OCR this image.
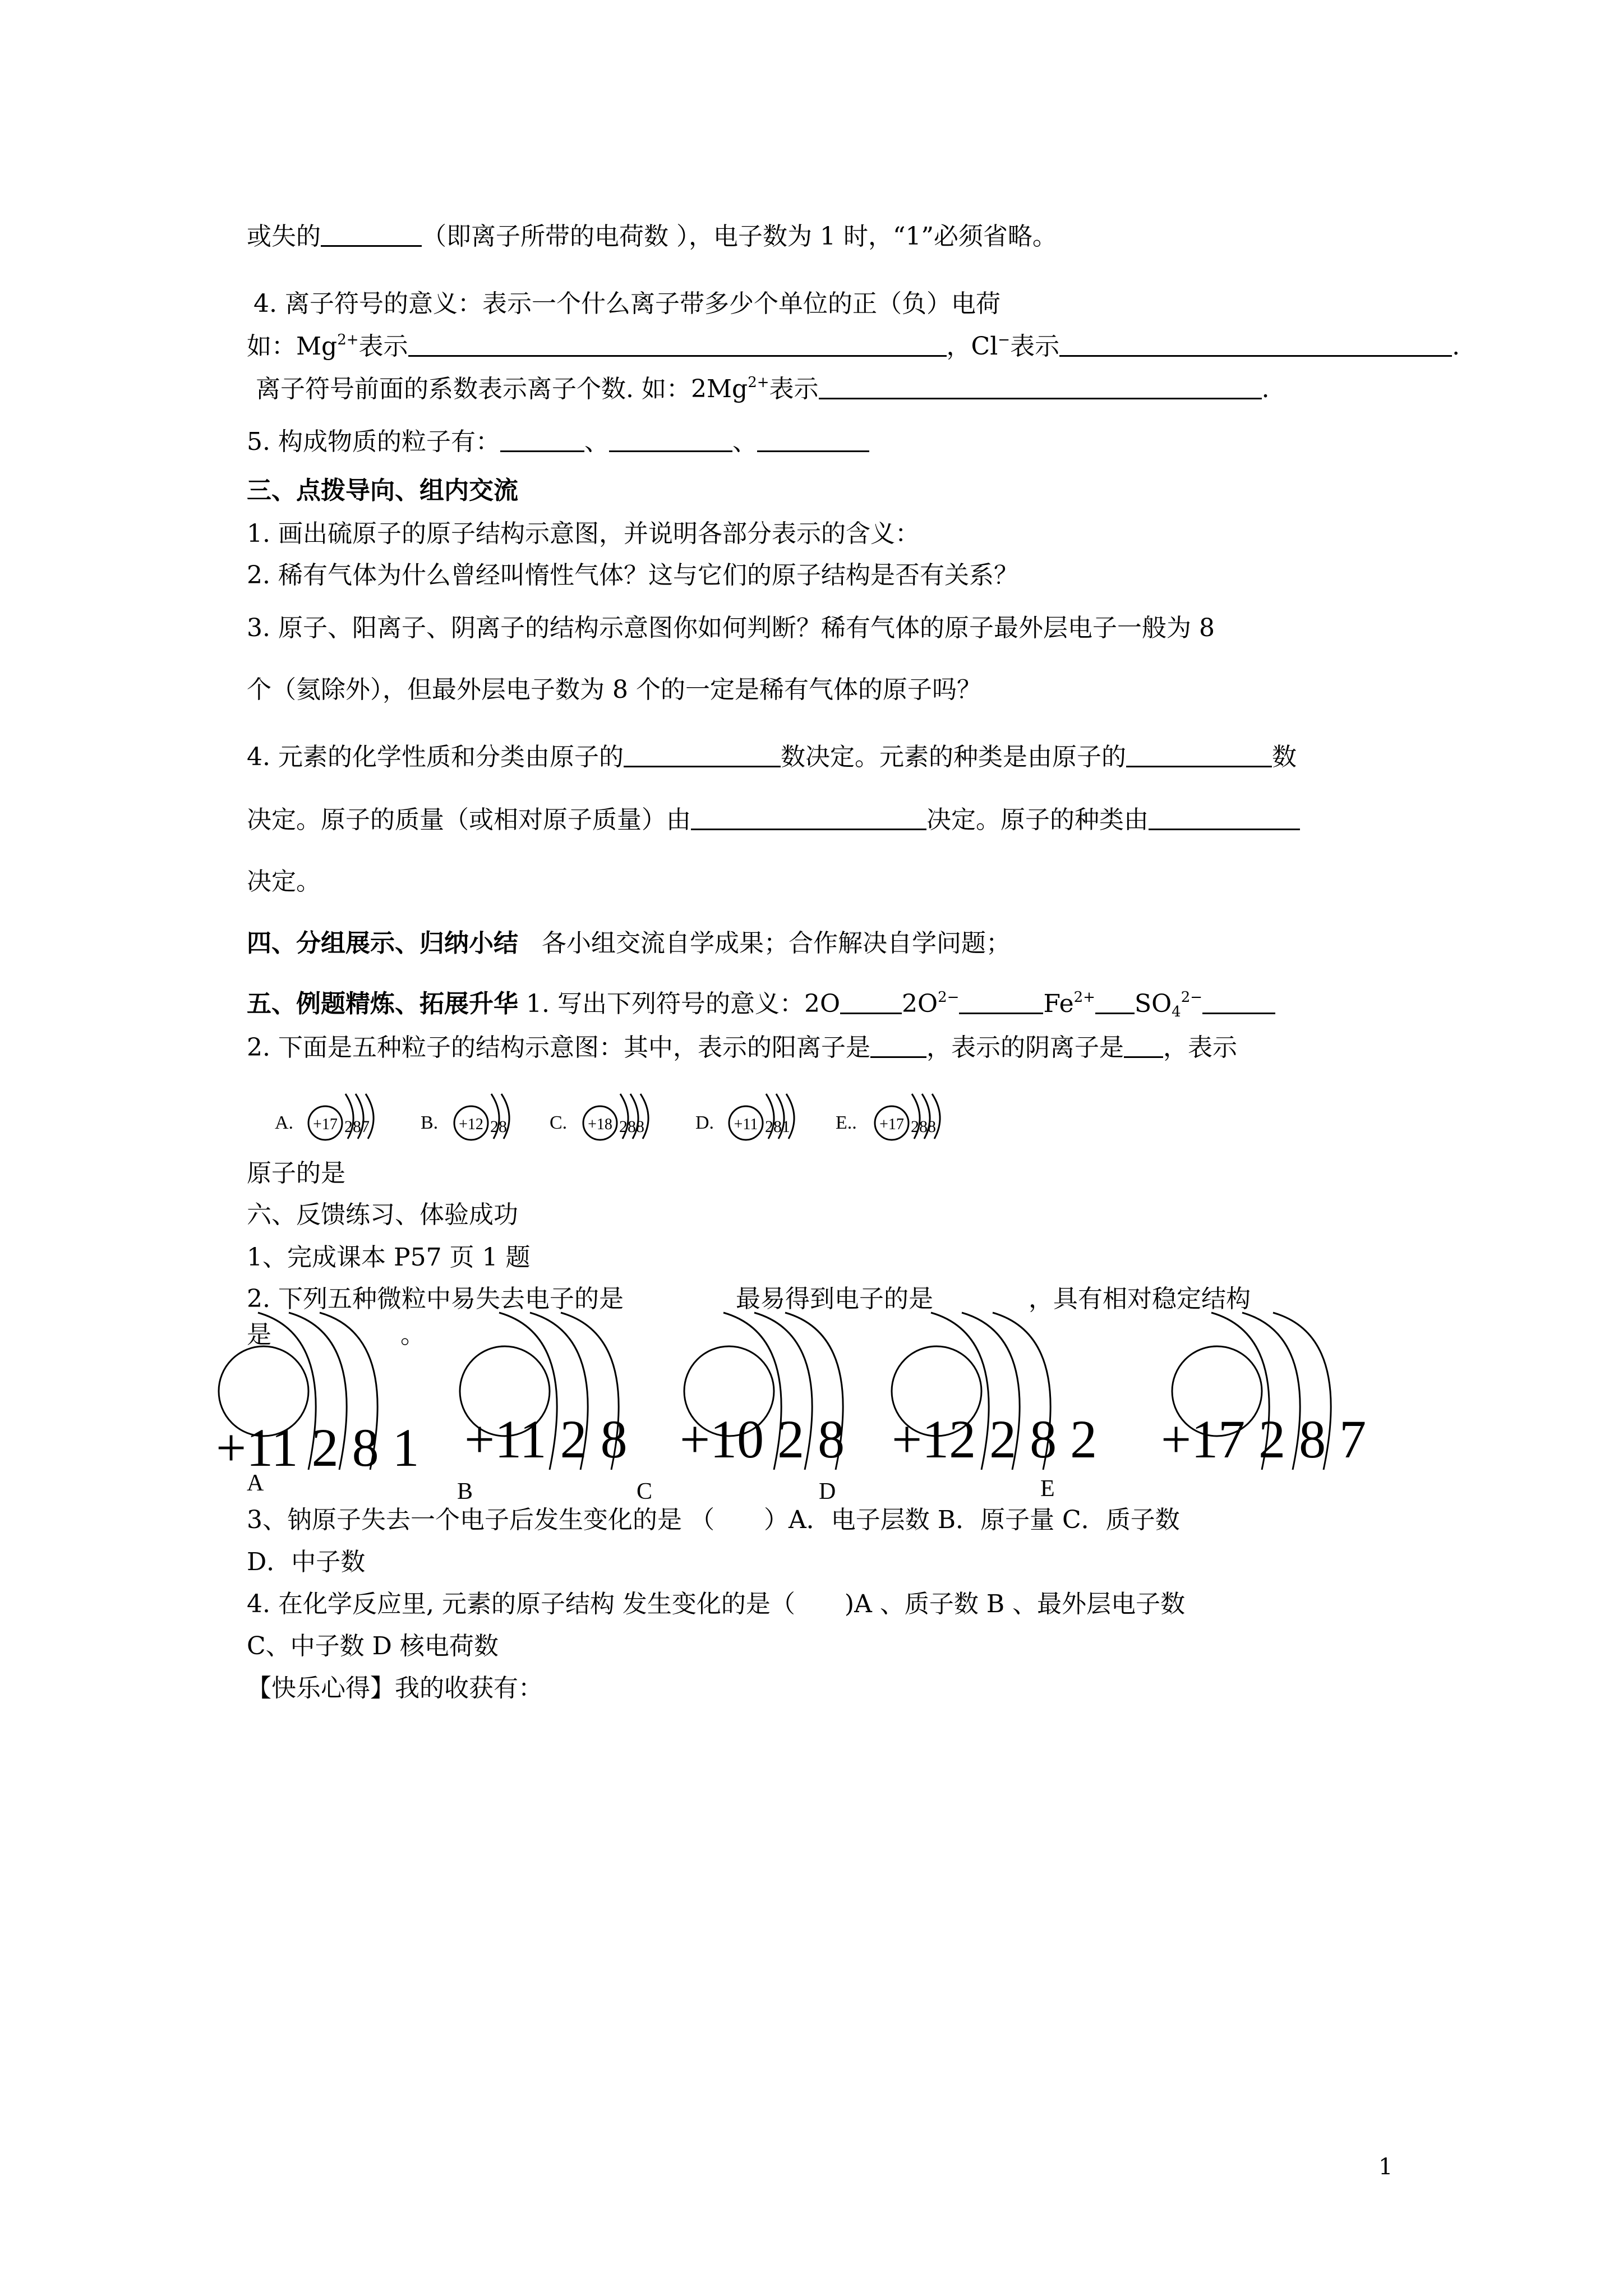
或失的	（即离子所带的电荷数 ），电子数为 1 时，“1”必须省略。
4. 离子符号的意义：表示一个什么离子带多少个单位的正（负）电荷
如：$Mg^{2+}$表示	，Cl−表示	.
离子符号前面的系数表示离子个数. 如：$2Mg^{2+}$表示	.
5. 构成物质的粒子有：	、	、
三、点拨导向、组内交流
1. 画出硫原子的原子结构示意图，并说明各部分表示的含义：
2. 稀有气体为什么曾经叫惰性气体？这与它们的原子结构是否有关系？
3. 原子、阳离子、阴离子的结构示意图你如何判断？稀有气体的原子最外层电子一般为 8
个（氦除外），但最外层电子数为 8 个的一定是稀有气体的原子吗？
4. 元素的化学性质和分类由原子的	数决定。元素的种类是由原子的	数
决定。原子的质量（或相对原子质量）由	决定。原子的种类由
决定。
四、分组展示、归纳小结 各小组交流自学成果；合作解决自学问题；
五、例题精炼、拓展升华 1. 写出下列符号的意义：2O	$2O^{2-}$	$Fe^{2+}$ $SO_4^{2-}$
2. 下面是五种粒子的结构示意图：其中，表示的阳离子是 ，表示的阴离子是 ，表示
A. +17 287	B. +12 28 C. +18 288	D. +11 281 E.. +17 288
原子的是
六、反馈练习、体验成功
1、完成课本 P57 页 1 题
2. 下列五种微粒中易失去电子的是	最易得到电子的是	，具有相对稳定结构
是	。
+11 2 8 1
A
+11 2 8
B
+10 2 8
C
+12 2 8 2
D
+17 2 8 7
E
3、钠原子失去一个电子后发生变化的是 （　　）A．电子层数 B．原子量 C．质子数
D．中子数
4. 在化学反应里, 元素的原子结构 发生变化的是（　　)A 、质子数 B 、最外层电子数
C、中子数 D 核电荷数
【快乐心得】我的收获有：
1
